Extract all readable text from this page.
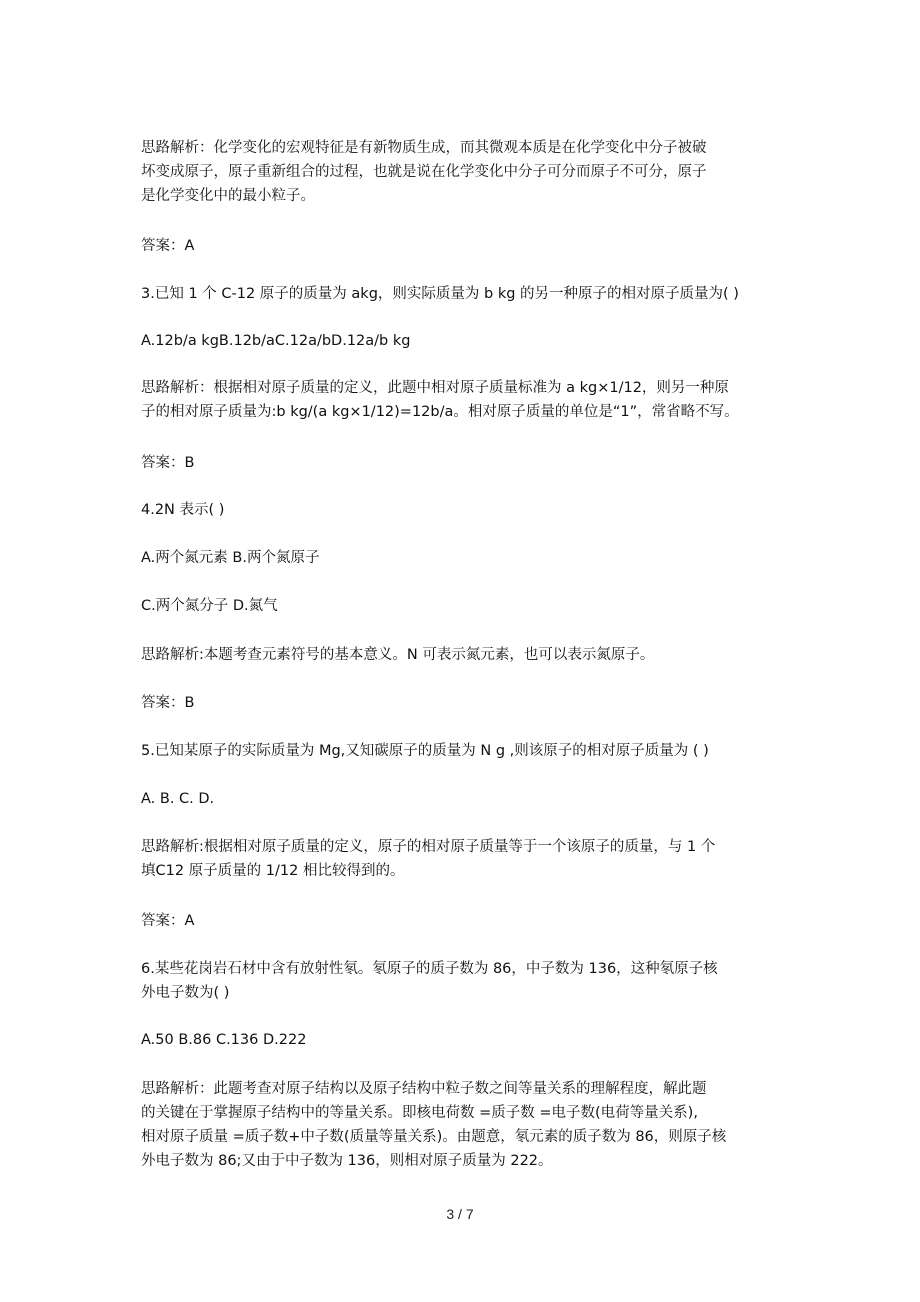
思路解析：化学变化的宏观特征是有新物质生成，而其微观本质是在化学变化中分子被破
坏变成原子，原子重新组合的过程，也就是说在化学变化中分子可分而原子不可分，原子
是化学变化中的最小粒子。
答案：A
3.已知 1 个 C-12 原子的质量为 akg，则实际质量为 b kg 的另一种原子的相对原子质量为( )
A.12b/a kgB.12b/aC.12a/bD.12a/b kg
思路解析：根据相对原子质量的定义，此题中相对原子质量标准为 a kg×1/12，则另一种原
子的相对原子质量为:b kg/(a kg×1/12)=12b/a。相对原子质量的单位是“1”，常省略不写。
答案：B
4.2N 表示( )
A.两个氮元素 B.两个氮原子
C.两个氮分子 D.氮气
思路解析:本题考查元素符号的基本意义。N 可表示氮元素，也可以表示氮原子。
答案：B
5.已知某原子的实际质量为 Mg,又知碳原子的质量为 N g ,则该原子的相对原子质量为 ( )
A. B. C. D.
思路解析:根据相对原子质量的定义，原子的相对原子质量等于一个该原子的质量，与 1 个
填C12 原子质量的 1/12 相比较得到的。
答案：A
6.某些花岗岩石材中含有放射性氡。氡原子的质子数为 86，中子数为 136，这种氡原子核
外电子数为( )
A.50 B.86 C.136 D.222
思路解析：此题考查对原子结构以及原子结构中粒子数之间等量关系的理解程度，解此题
的关键在于掌握原子结构中的等量关系。即核电荷数 =质子数 =电子数(电荷等量关系),
相对原子质量 =质子数+中子数(质量等量关系)。由题意，氡元素的质子数为 86，则原子核
外电子数为 86;又由于中子数为 136，则相对原子质量为 222。
3 / 7
